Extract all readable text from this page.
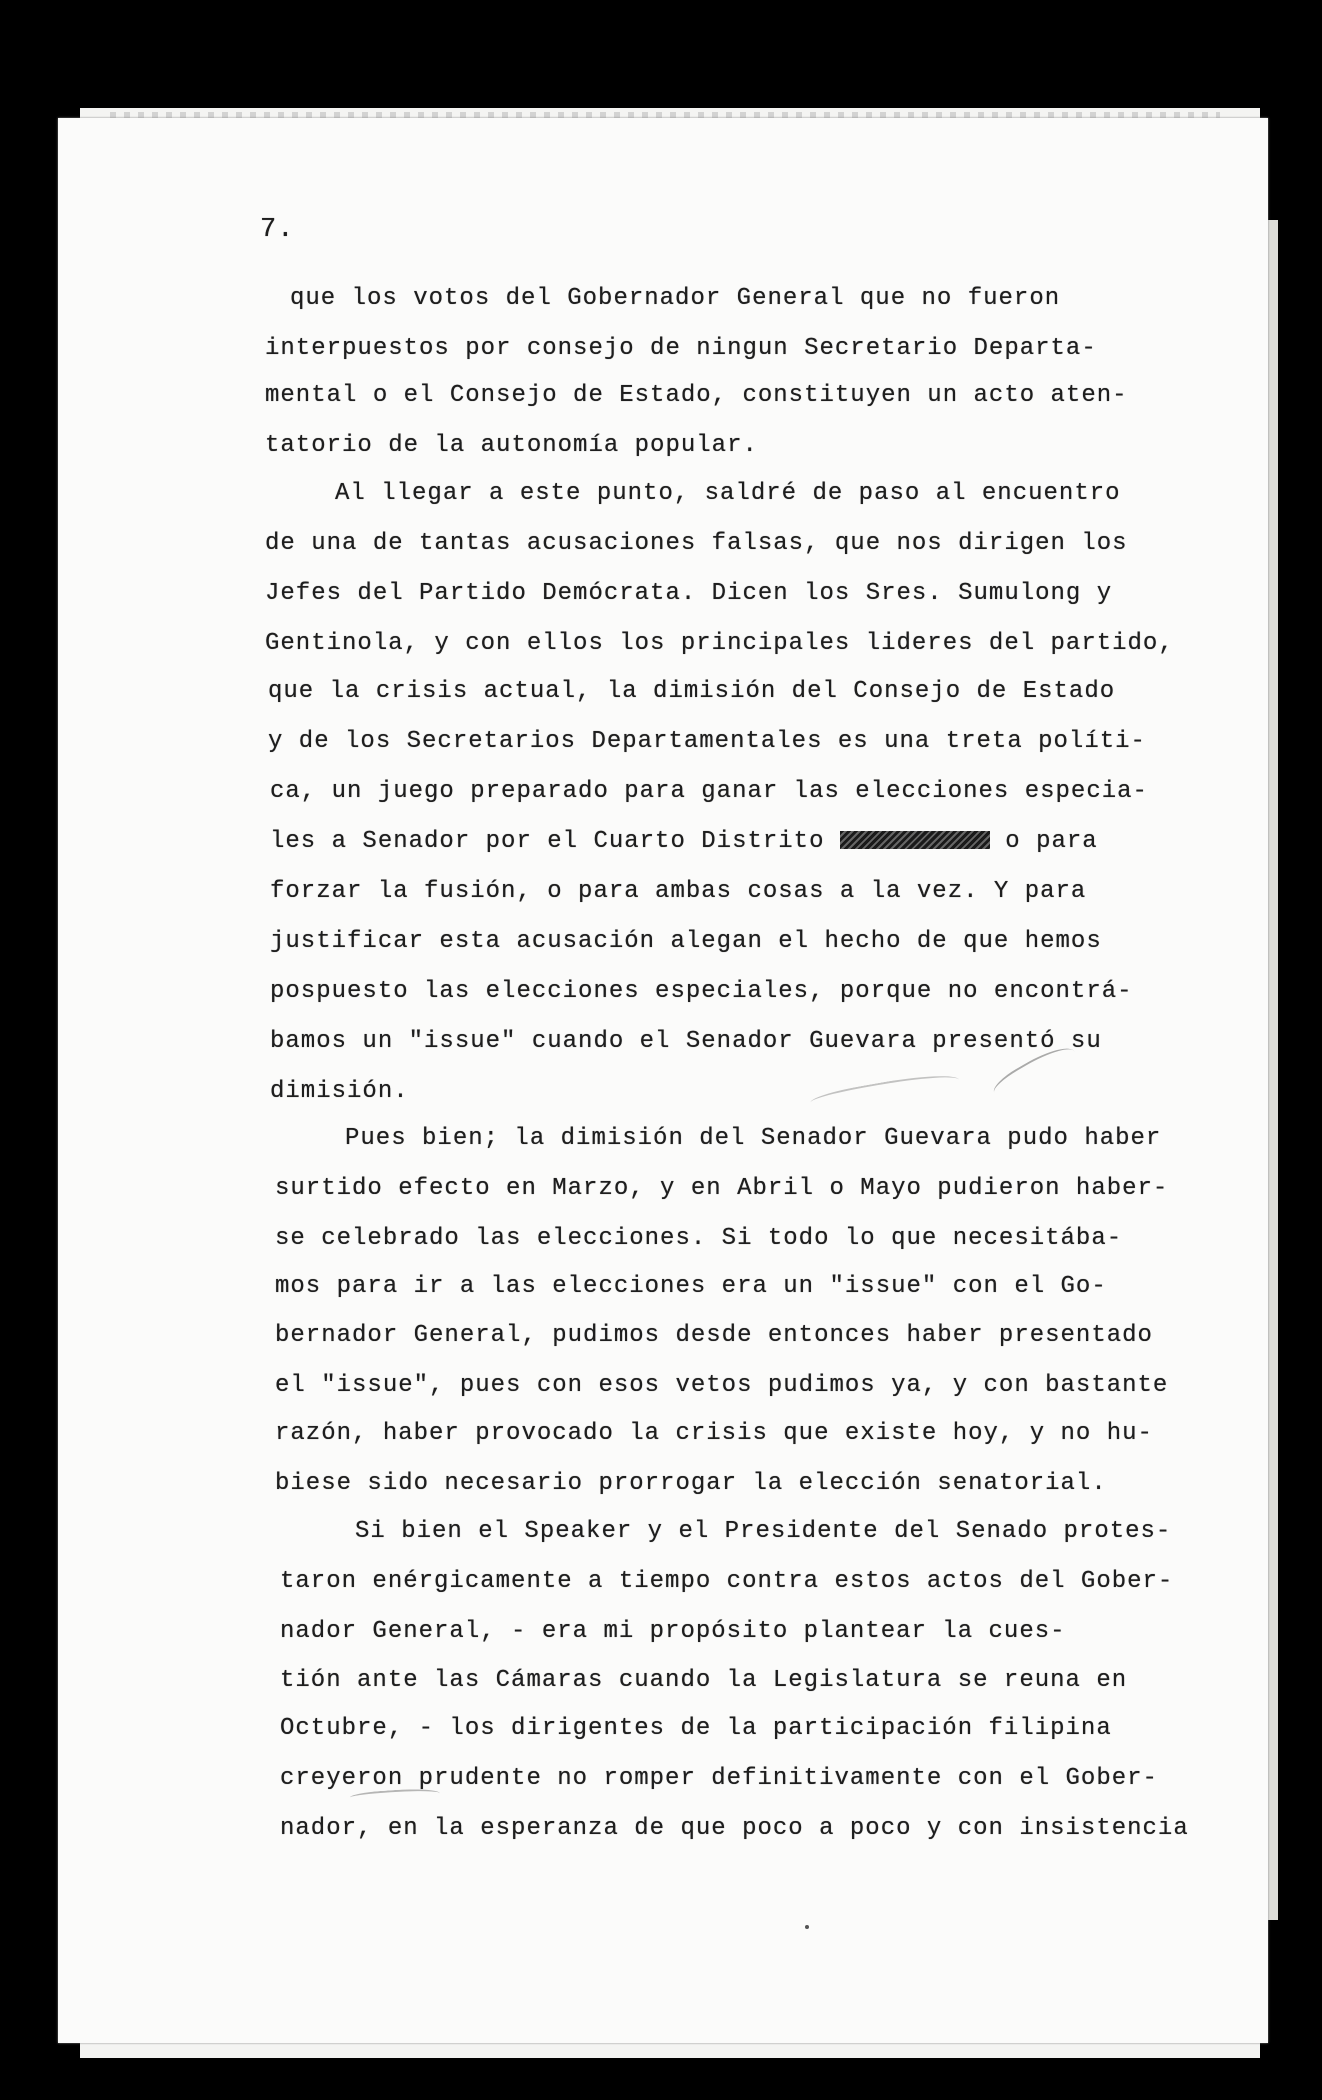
7.
que los votos del Gobernador General que no fueron
interpuestos por consejo de ningun Secretario Departa-
mental o el Consejo de Estado, constituyen un acto aten-
tatorio de la autonomía popular.
Al llegar a este punto, saldré de paso al encuentro
de una de tantas acusaciones falsas, que nos dirigen los
Jefes del Partido Demócrata. Dicen los Sres. Sumulong y
Gentinola, y con ellos los principales lideres del partido,
que la crisis actual, la dimisión del Consejo de Estado
y de los Secretarios Departamentales es una treta políti-
ca, un juego preparado para ganar las elecciones especia-
les a Senador por el Cuarto Distrito	o para
forzar la fusión, o para ambas cosas a la vez. Y para
justificar esta acusación alegan el hecho de que hemos
pospuesto las elecciones especiales, porque no encontrá-
bamos un "issue" cuando el Senador Guevara presentó su
dimisión.
Pues bien; la dimisión del Senador Guevara pudo haber
surtido efecto en Marzo, y en Abril o Mayo pudieron haber-
se celebrado las elecciones. Si todo lo que necesitába-
mos para ir a las elecciones era un "issue" con el Go-
bernador General, pudimos desde entonces haber presentado
el "issue", pues con esos vetos pudimos ya, y con bastante
razón, haber provocado la crisis que existe hoy, y no hu-
biese sido necesario prorrogar la elección senatorial.
Si bien el Speaker y el Presidente del Senado protes-
taron enérgicamente a tiempo contra estos actos del Gober-
nador General, - era mi propósito plantear la cues-
tión ante las Cámaras cuando la Legislatura se reuna en
Octubre, - los dirigentes de la participación filipina
creyeron prudente no romper definitivamente con el Gober-
nador, en la esperanza de que poco a poco y con insistencia
